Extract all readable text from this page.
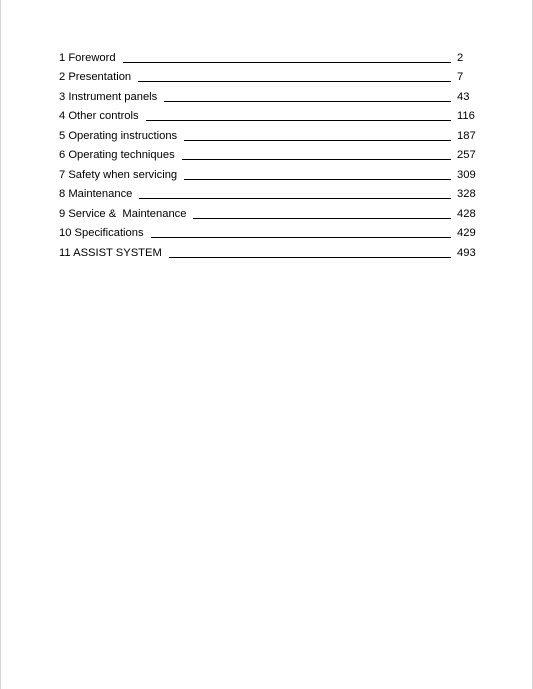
1 Foreword	2
2 Presentation	7
3 Instrument panels	43
4 Other controls	116
5 Operating instructions	187
6 Operating techniques	257
7 Safety when servicing	309
8 Maintenance	328
9 Service &  Maintenance	428
10 Specifications	429
11 ASSIST SYSTEM	493
